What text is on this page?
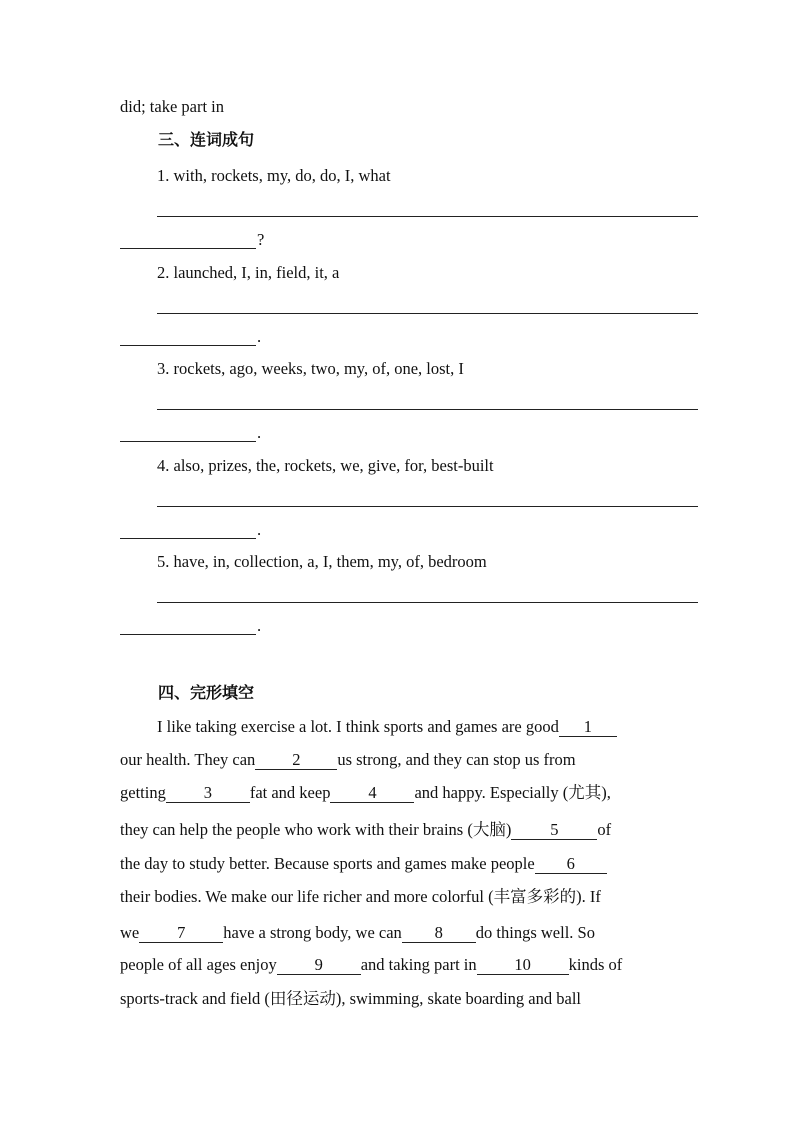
did; take part in
三、连词成句
1. with, rockets, my, do, do, I, what
?
2. launched, I, in, field, it, a
.
3. rockets, ago, weeks, two, my, of, one, lost, I
.
4. also, prizes, the, rockets, we, give, for, best-built
.
5. have, in, collection, a, I, them, my, of, bedroom
.
四、完形填空
I like taking exercise a lot. I think sports and games are good 1
our health. They can 2 us strong, and they can stop us from
getting 3 fat and keep 4 and happy. Especially (尤其),
they can help the people who work with their brains (大脑) 5 of
the day to study better. Because sports and games make people 6
their bodies. We make our life richer and more colorful (丰富多彩的). If
we 7 have a strong body, we can 8 do things well. So
people of all ages enjoy 9 and taking part in 10 kinds of
sports-track and field (田径运动), swimming, skate boarding and ball
